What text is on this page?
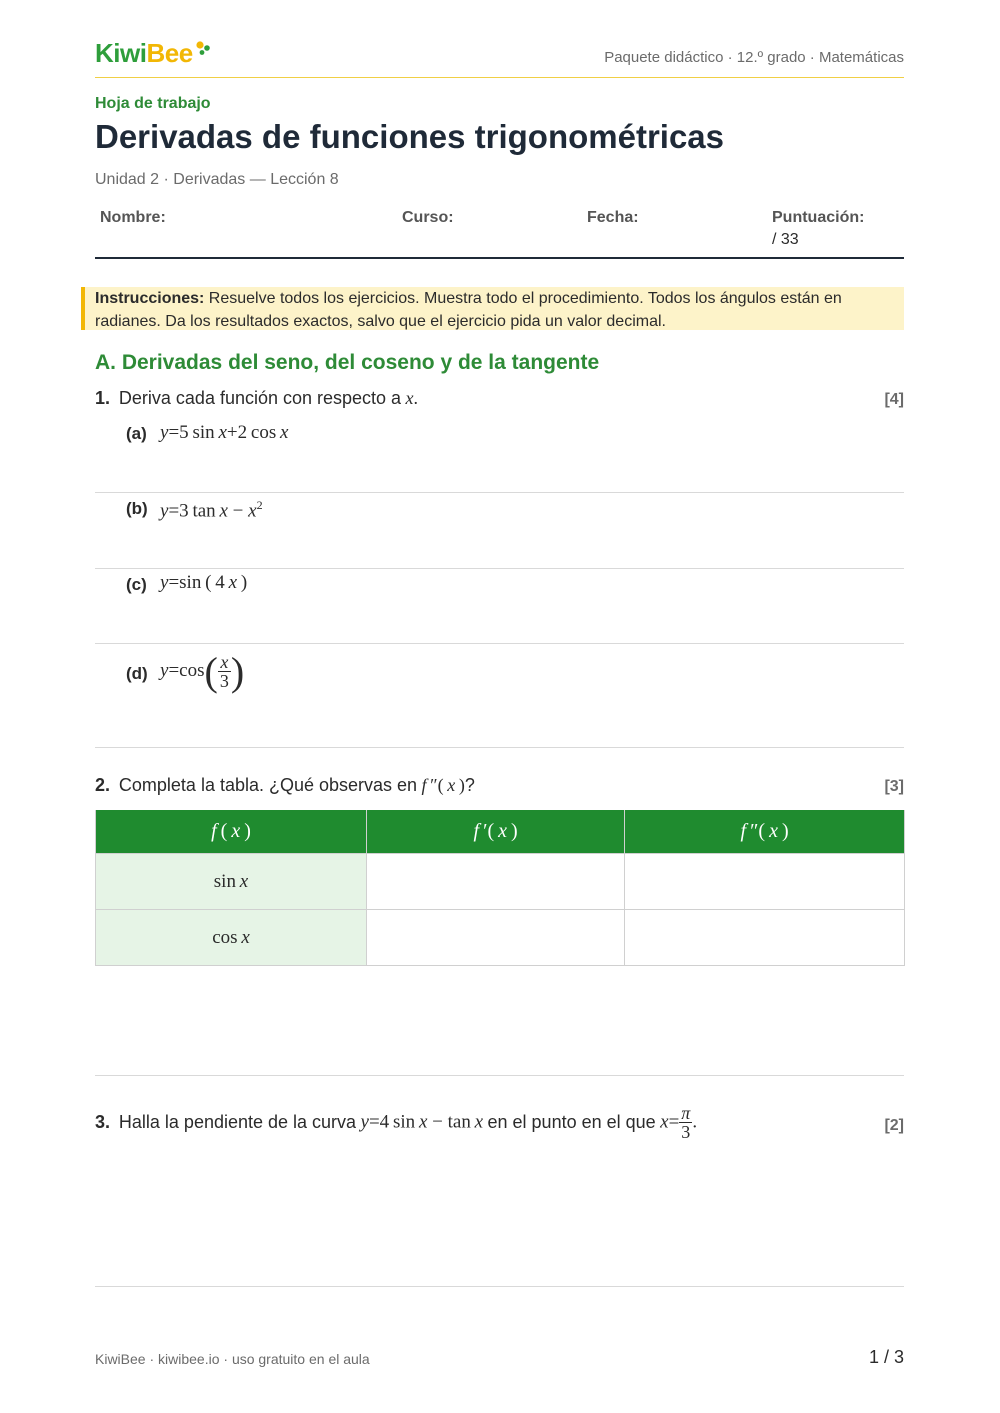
KiwiBee	Paquete didáctico · 12.º grado · Matemáticas
Hoja de trabajo
Derivadas de funciones trigonométricas
Unidad 2 · Derivadas — Lección 8
Nombre:	Curso:	Fecha:	Puntuación:
/ 33
Instrucciones: Resuelve todos los ejercicios. Muestra todo el procedimiento. Todos los ángulos están en radianes. Da los resultados exactos, salvo que el ejercicio pida un valor decimal.
A. Derivadas del seno, del coseno y de la tangente
1. Deriva cada función con respecto a x.	[4]
(a) y=5 sin x+2 cos x
(b) y=3 $\tan x - x^2$
(c) y=sin ( 4 x )
(d) $y=\cos( \frac{x}{3}$ )
2. Completa la tabla. ¿Qué observas en f ″( x )?	[3]
f ( x )	f ′( x )	f ″( x )
sin  x		
cos  x		
3. Halla la pendiente de la curva y=4 sin x − tan x en el punto en el que $x= \frac{\pi}{3}$ .	[2]
KiwiBee · kiwibee.io · uso gratuito en el aula	1 / 3
